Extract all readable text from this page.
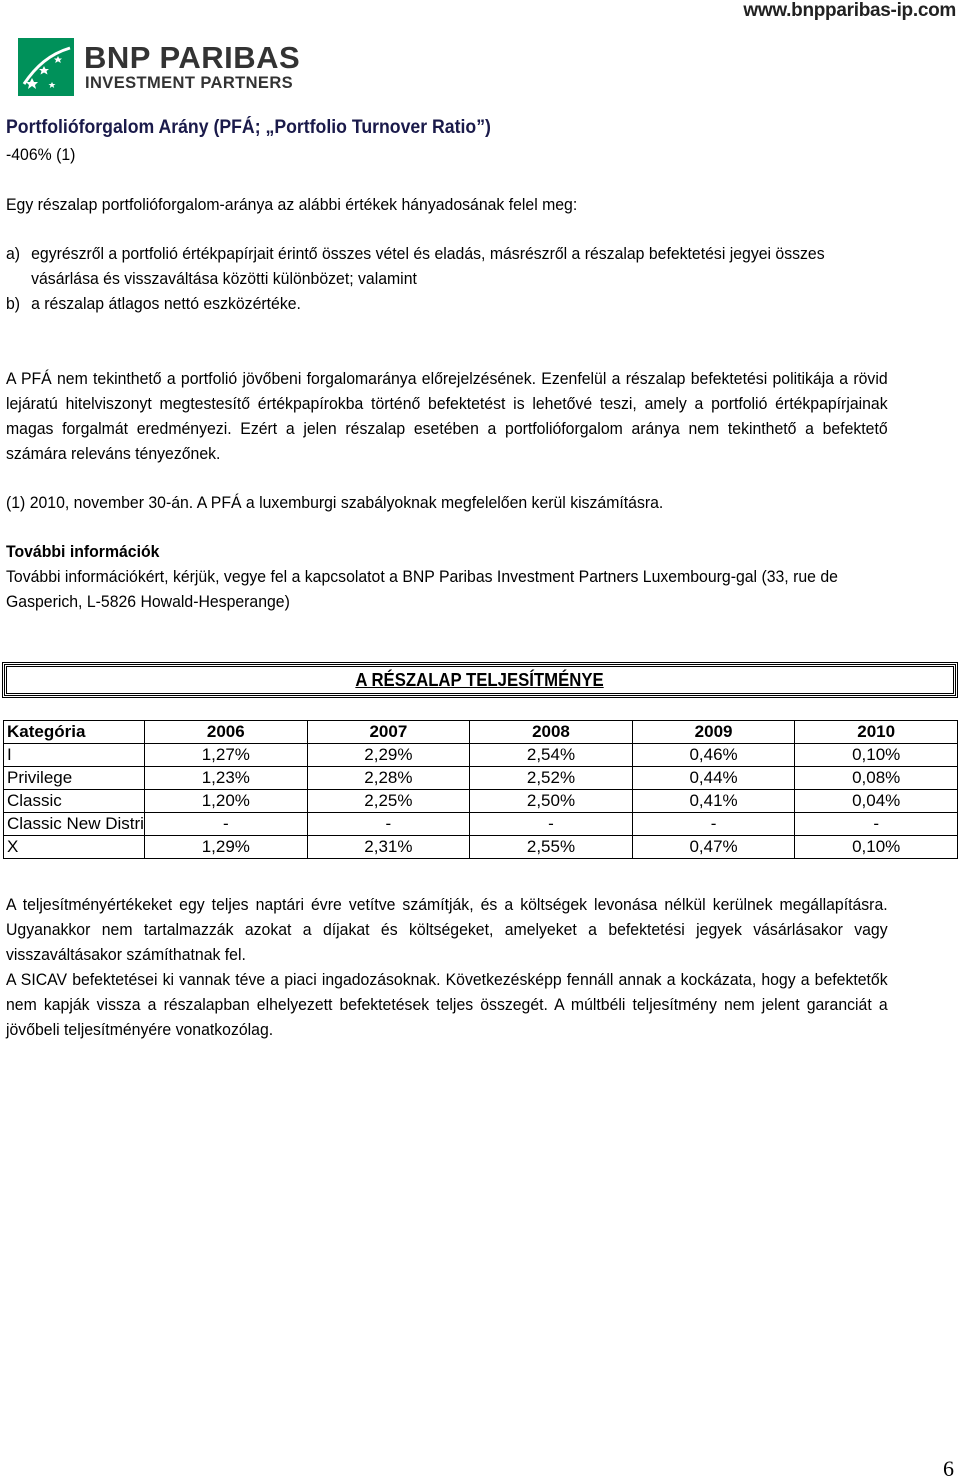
www.bnpparibas-ip.com
BNP PARIBAS
INVESTMENT PARTNERS
Portfolióforgalom Arány (PFÁ; „Portfolio Turnover Ratio”)
-406% (1)
Egy részalap portfolióforgalom-aránya az alábbi értékek hányadosának felel meg:
a) egyrészről a portfolió értékpapírjait érintő összes vétel és eladás, másrészről a részalap befektetési jegyei összes vásárlása és visszaváltása közötti különbözet; valamint
b) a részalap átlagos nettó eszközértéke.
A PFÁ nem tekinthető a portfolió jövőbeni forgalomaránya előrejelzésének. Ezenfelül a részalap befektetési politikája a rövid lejáratú hitelviszonyt megtestesítő értékpapírokba történő befektetést is lehetővé teszi, amely a portfolió értékpapírjainak magas forgalmát eredményezi. Ezért a jelen részalap esetében a portfolióforgalom aránya nem tekinthető a befektető számára releváns tényezőnek.
(1) 2010, november 30-án. A PFÁ a luxemburgi szabályoknak megfelelően kerül kiszámításra.
További információk
További információkért, kérjük, vegye fel a kapcsolatot a BNP Paribas Investment Partners Luxembourg-gal (33, rue de Gasperich, L-5826 Howald-Hesperange)
A RÉSZALAP TELJESÍTMÉNYE
Kategória	2006	2007	2008	2009	2010
I	1,27%	2,29%	2,54%	0,46%	0,10%
Privilege	1,23%	2,28%	2,52%	0,44%	0,08%
Classic	1,20%	2,25%	2,50%	0,41%	0,04%
Classic New Distri	-	-	-	-	-
X	1,29%	2,31%	2,55%	0,47%	0,10%
A teljesítményértékeket egy teljes naptári évre vetítve számítják, és a költségek levonása nélkül kerülnek megállapításra. Ugyanakkor nem tartalmazzák azokat a díjakat és költségeket, amelyeket a befektetési jegyek vásárlásakor vagy visszaváltásakor számíthatnak fel.
A SICAV befektetései ki vannak téve a piaci ingadozásoknak. Következésképp fennáll annak a kockázata, hogy a befektetők nem kapják vissza a részalapban elhelyezett befektetések teljes összegét. A múltbéli teljesítmény nem jelent garanciát a jövőbeli teljesítményére vonatkozólag.
6
